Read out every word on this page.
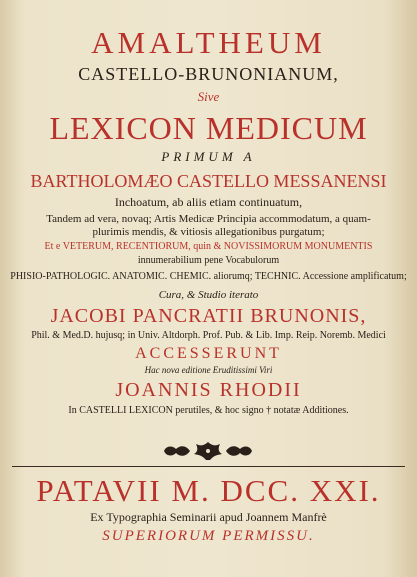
AMALTHEUM
CASTELLO-BRUNONIANUM,
Sive
LEXICON MEDICUM
PRIMUM A
BARTHOLOMÆO CASTELLO MESSANENSI
Inchoatum, ab aliis etiam continuatum,
Tandem ad vera, novaq; Artis Medicæ Principia accommodatum, a quam-
plurimis mendis, & vitiosis allegationibus purgatum;
Et e VETERUM, RECENTIORUM, quin & NOVISSIMORUM MONUMENTIS
innumerabilium pene Vocabulorum
PHISIO-PATHOLOGIC. ANATOMIC. CHEMIC. aliorumq; TECHNIC. Accessione amplificatum;
Cura, & Studio iterato
JACOBI PANCRATII BRUNONIS,
Phil. & Med.D. hujusq; in Univ. Altdorph. Prof. Pub. & Lib. Imp. Reip. Noremb. Medici
ACCESSERUNT
Hac nova editione Eruditissimi Viri
JOANNIS RHODII
In CASTELLI LEXICON perutiles, & hoc signo † notatæ Additiones.
PATAVII M. DCC. XXI.
Ex Typographia Seminarii apud Joannem Manfrè
SUPERIORUM PERMISSU.
